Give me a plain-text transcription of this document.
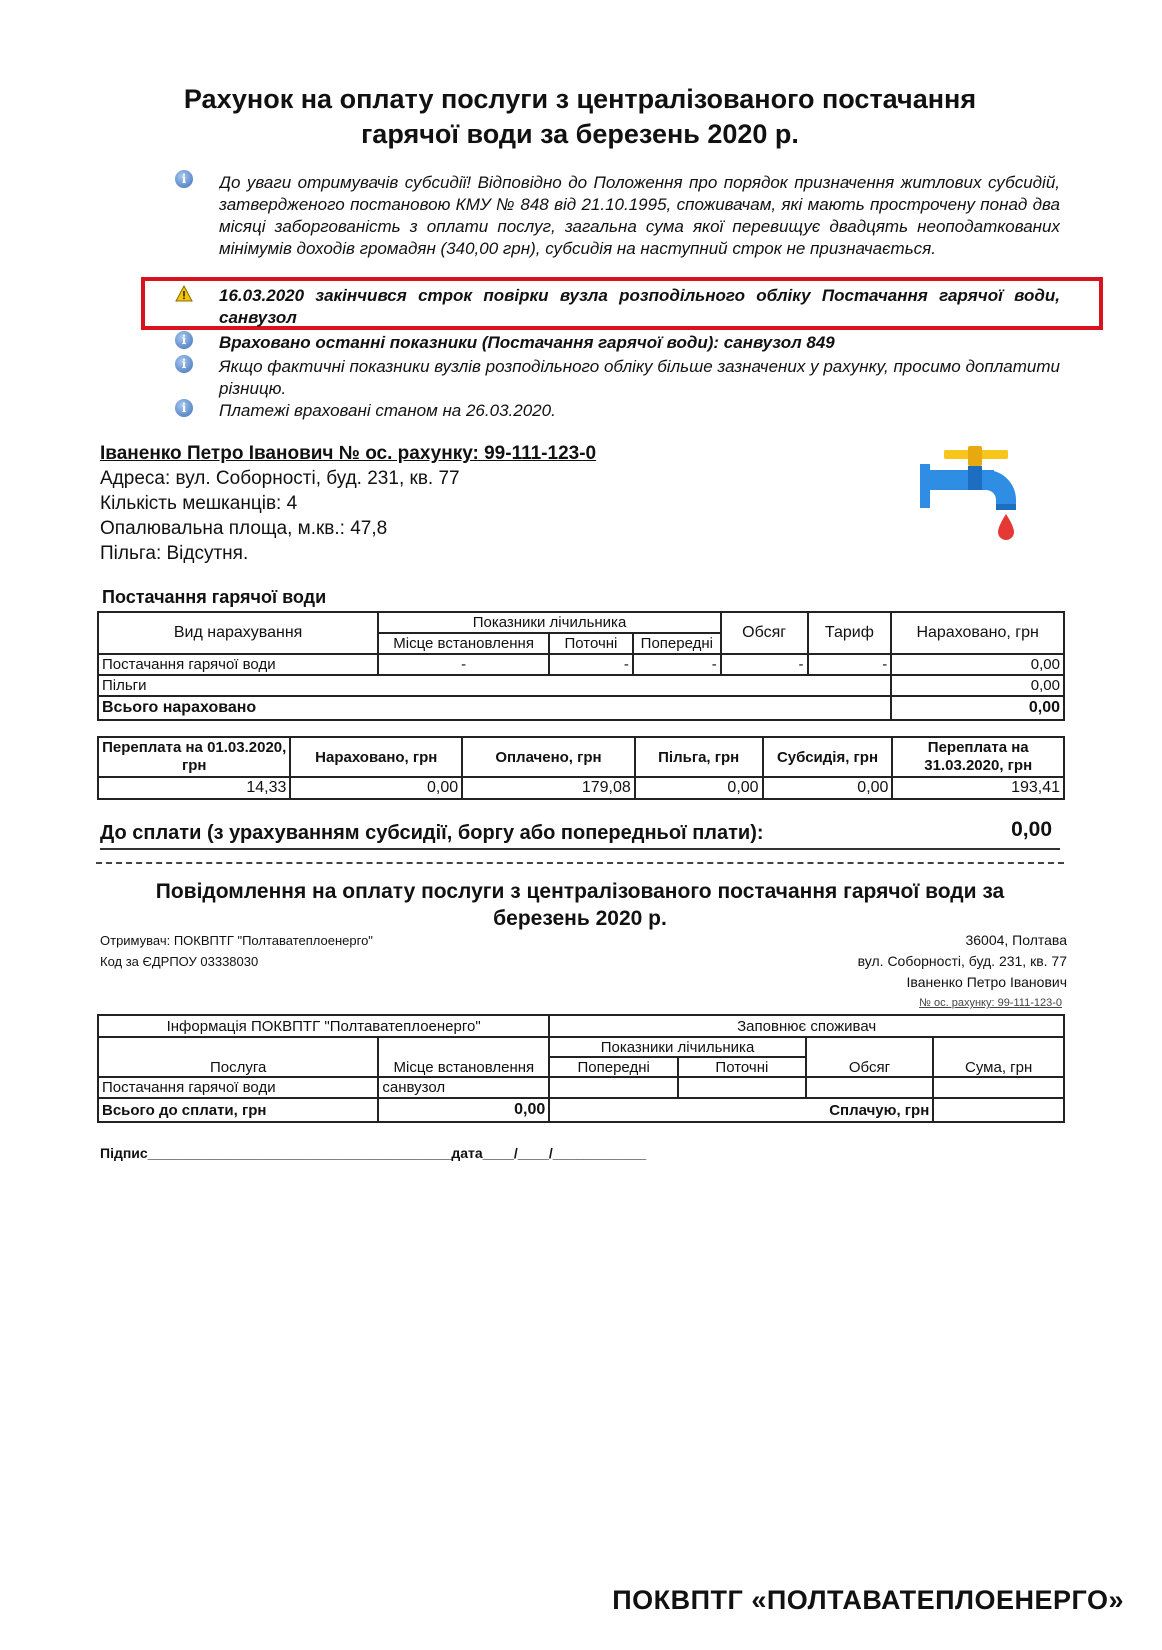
Рахунок на оплату послуги з централізованого постачання
гарячої води за березень 2020 р.
i	До уваги отримувачів субсидії! Відповідно до Положення про порядок призначення житлових субсидій, затвердженого постановою КМУ № 848 від 21.10.1995, споживачам, які мають прострочену понад два місяці заборгованість з оплати послуг, загальна сума якої перевищує двадцять неоподаткованих мінімумів доходів громадян (340,00 грн), субсидія на наступний строк не призначається.
16.03.2020 закінчився строк повірки вузла розподільного обліку Постачання гарячої води, санвузол
i	Враховано останні показники (Постачання гарячої води): санвузол 849
i	Якщо фактичні показники вузлів розподільного обліку більше зазначених у рахунку, просимо доплатити різницю.
i	Платежі враховані станом на 26.03.2020.
Іваненко Петро Іванович № ос. рахунку: 99-111-123-0
Адреса: вул. Соборності, буд. 231, кв. 77
Кількість мешканців: 4
Опалювальна площа, м.кв.: 47,8
Пільга: Відсутня.
Постачання гарячої води
Вид нарахування	Показники лічильника			Обсяг	Тариф	Нараховано, грн
	Місце встановлення	Поточні	Попередні			
Постачання гарячої води	-	-	-	-	-	0,00
Пільги						0,00
Всього нараховано						0,00
Переплата на 01.03.2020, грн	Нараховано, грн	Оплачено, грн	Пільга, грн	Субсидія, грн	Переплата на 31.03.2020, грн
14,33	0,00	179,08	0,00	0,00	193,41
До сплати (з урахуванням субсидії, боргу або попередньої плати):	0,00
Повідомлення на оплату послуги з централізованого постачання гарячої води за
березень 2020 р.
Отримувач: ПОКВПТГ "Полтаватеплоенерго"
Код за ЄДРПОУ 03338030
36004, Полтава
вул. Соборності, буд. 231, кв. 77
Іваненко Петро Іванович
№ ос. рахунку: 99-111-123-0
Інформація ПОКВПТГ "Полтаватеплоенерго"		Заповнює споживач			
Послуга	Місце встановлення	Показники лічильника		Обсяг	Сума, грн
		Попередні	Поточні		
Постачання гарячої води	санвузол				
Всього до сплати, грн	0,00	Сплачую, грн			
Підпис_______________________________________дата____/____/____________
ПОКВПТГ «ПОЛТАВАТЕПЛОЕНЕРГО»
